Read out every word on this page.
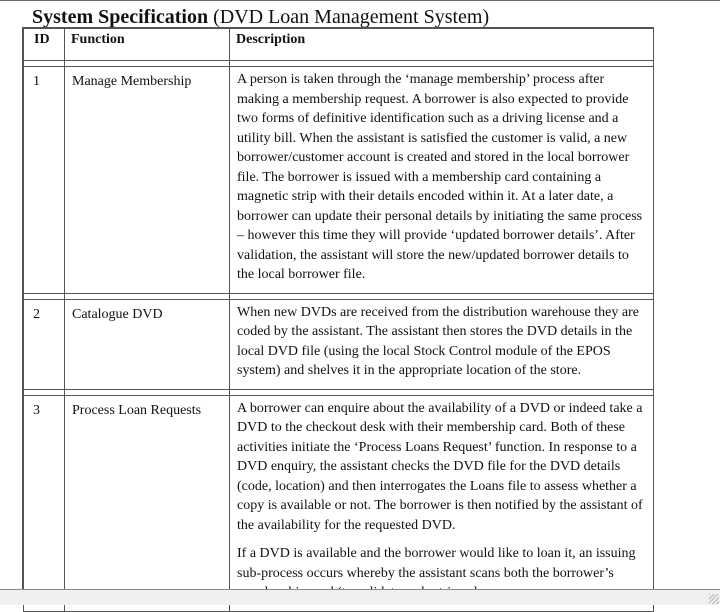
System Specification (DVD Loan Management System)
ID	Function	Description

1	Manage Membership	A person is taken through the ‘manage membership’ process after making a membership request. A borrower is also expected to provide two forms of definitive identification such as a driving license and a utility bill. When the assistant is satisfied the customer is valid, a new borrower/customer account is created and stored in the local borrower file. The borrower is issued with a membership card containing a magnetic strip with their details encoded within it. At a later date, a borrower can update their personal details by initiating the same process – however this time they will provide ‘updated borrower details’. After validation, the assistant will store the new/updated borrower details to the local borrower file.

2	Catalogue DVD	When new DVDs are received from the distribution warehouse they are coded by the assistant. The assistant then stores the DVD details in the local DVD file (using the local Stock Control module of the EPOS system) and shelves it in the appropriate location of the store.

3	Process Loan Requests	A borrower can enquire about the availability of a DVD or indeed take a DVD to the checkout desk with their membership card. Both of these activities initiate the ‘Process Loans Request’ function. In response to a DVD enquiry, the assistant checks the DVD file for the DVD details (code, location) and then interrogates the Loans file to assess whether a copy is available or not. The borrower is then notified by the assistant of the availability for the requested DVD.

If a DVD is available and the borrower would like to loan it, an issuing sub-process occurs whereby the assistant scans both the borrower’s
